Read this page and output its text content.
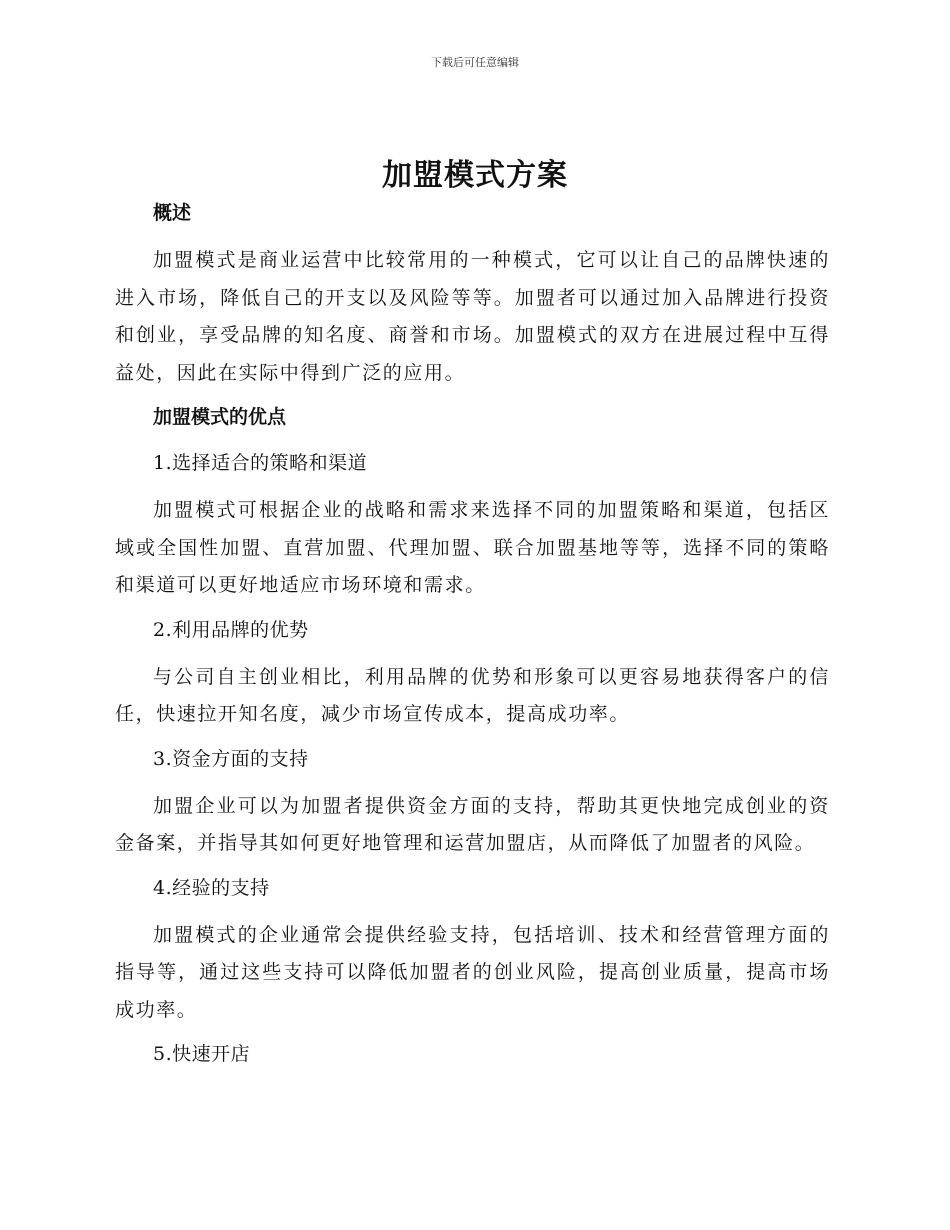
下载后可任意编辑
加盟模式方案
概述
加盟模式是商业运营中比较常用的一种模式，它可以让自己的品牌快速的进入市场，降低自己的开支以及风险等等。加盟者可以通过加入品牌进行投资和创业，享受品牌的知名度、商誉和市场。加盟模式的双方在进展过程中互得益处，因此在实际中得到广泛的应用。
加盟模式的优点
1.选择适合的策略和渠道
加盟模式可根据企业的战略和需求来选择不同的加盟策略和渠道，包括区域或全国性加盟、直营加盟、代理加盟、联合加盟基地等等，选择不同的策略和渠道可以更好地适应市场环境和需求。
2.利用品牌的优势
与公司自主创业相比，利用品牌的优势和形象可以更容易地获得客户的信任，快速拉开知名度，减少市场宣传成本，提高成功率。
3.资金方面的支持
加盟企业可以为加盟者提供资金方面的支持，帮助其更快地完成创业的资金备案，并指导其如何更好地管理和运营加盟店，从而降低了加盟者的风险。
4.经验的支持
加盟模式的企业通常会提供经验支持，包括培训、技术和经营管理方面的指导等，通过这些支持可以降低加盟者的创业风险，提高创业质量，提高市场成功率。
5.快速开店
